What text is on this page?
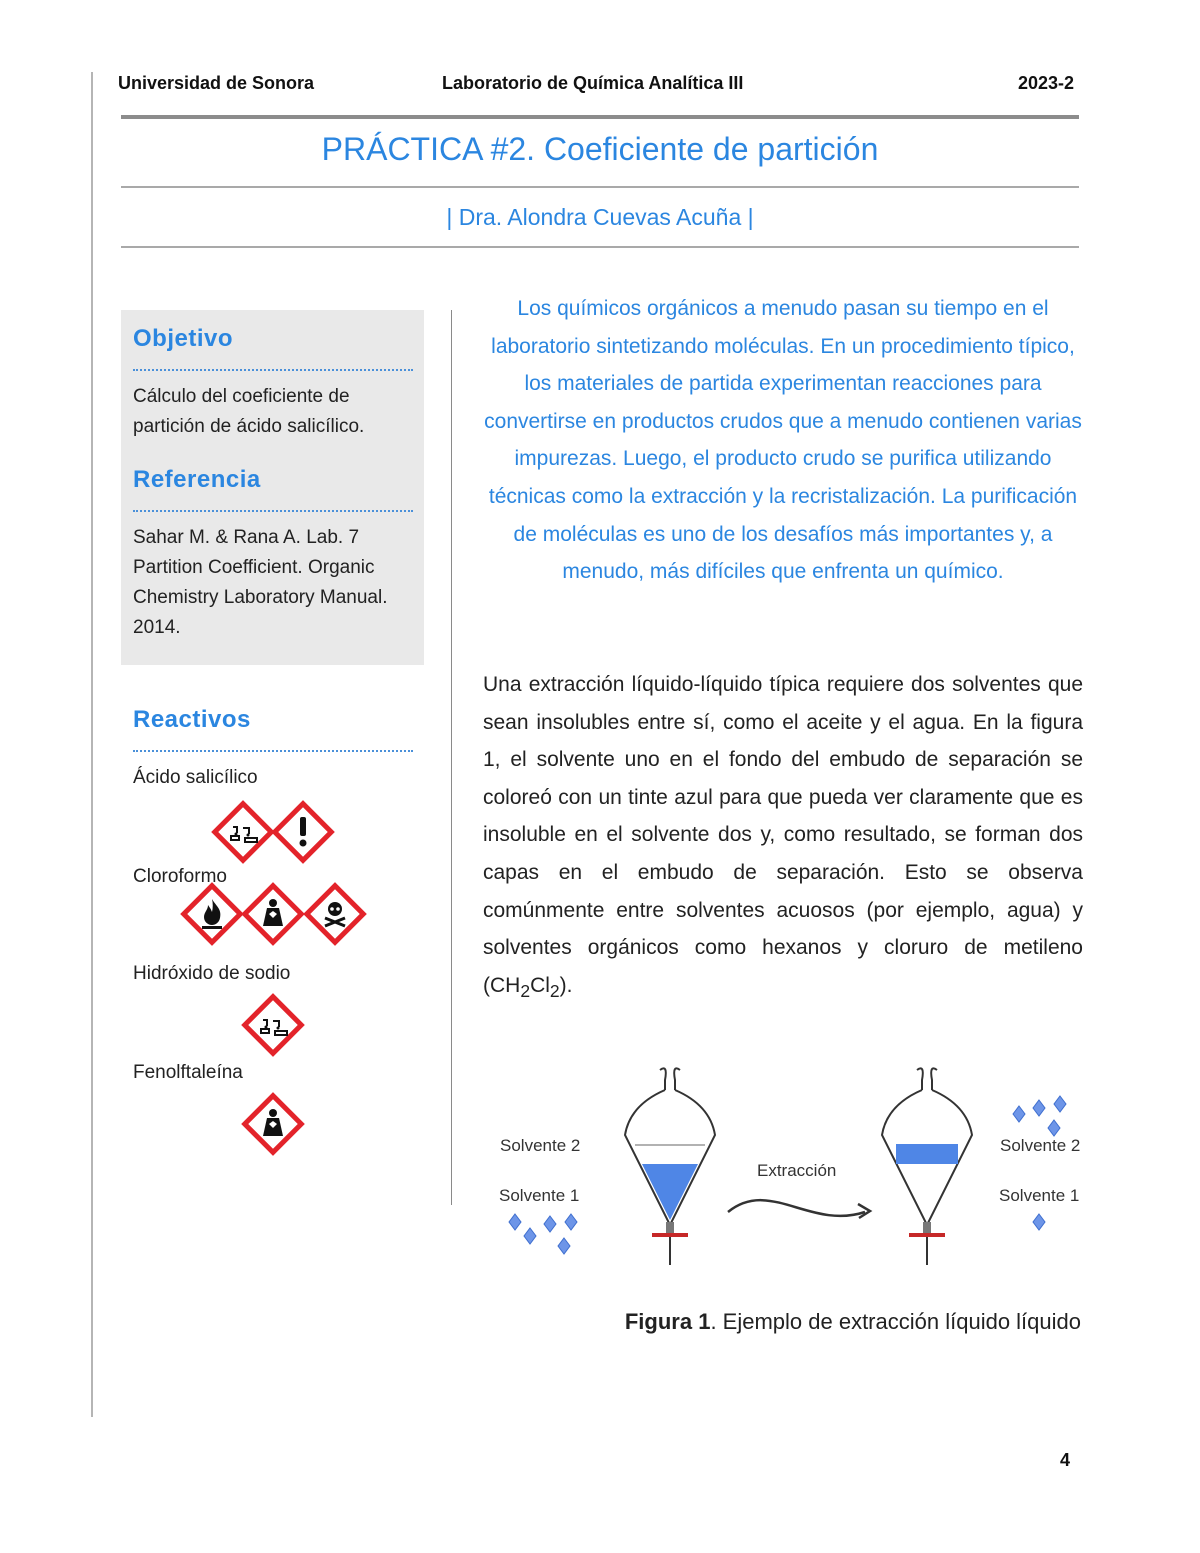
Universidad de Sonora	Laboratorio de Química Analítica III	2023-2
PRÁCTICA #2. Coeficiente de partición
| Dra. Alondra Cuevas Acuña |
Objetivo
Cálculo del coeficiente de partición de ácido salicílico.
Referencia
Sahar M. & Rana A. Lab. 7 Partition Coefficient. Organic Chemistry Laboratory Manual. 2014.
Reactivos
Ácido salicílico
Cloroformo
Hidróxido de sodio
Fenolftaleína
Los químicos orgánicos a menudo pasan su tiempo en el laboratorio sintetizando moléculas. En un procedimiento típico, los materiales de partida experimentan reacciones para convertirse en productos crudos que a menudo contienen varias impurezas. Luego, el producto crudo se purifica utilizando técnicas como la extracción y la recristalización. La purificación de moléculas es uno de los desafíos más importantes y, a menudo, más difíciles que enfrenta un químico.
Una extracción líquido-líquido típica requiere dos solventes que sean insolubles entre sí, como el aceite y el agua. En la figura 1, el solvente uno en el fondo del embudo de separación se coloreó con un tinte azul para que pueda ver claramente que es insoluble en el solvente dos y, como resultado, se forman dos capas en el embudo de separación. Esto se observa comúnmente entre solventes acuosos (por ejemplo, agua) y solventes orgánicos como hexanos y cloruro de metileno $(CH_2Cl_2)$.
Solvente 2
Solvente 1
Extracción
Solvente 2
Solvente 1
Figura 1. Ejemplo de extracción líquido líquido
4
